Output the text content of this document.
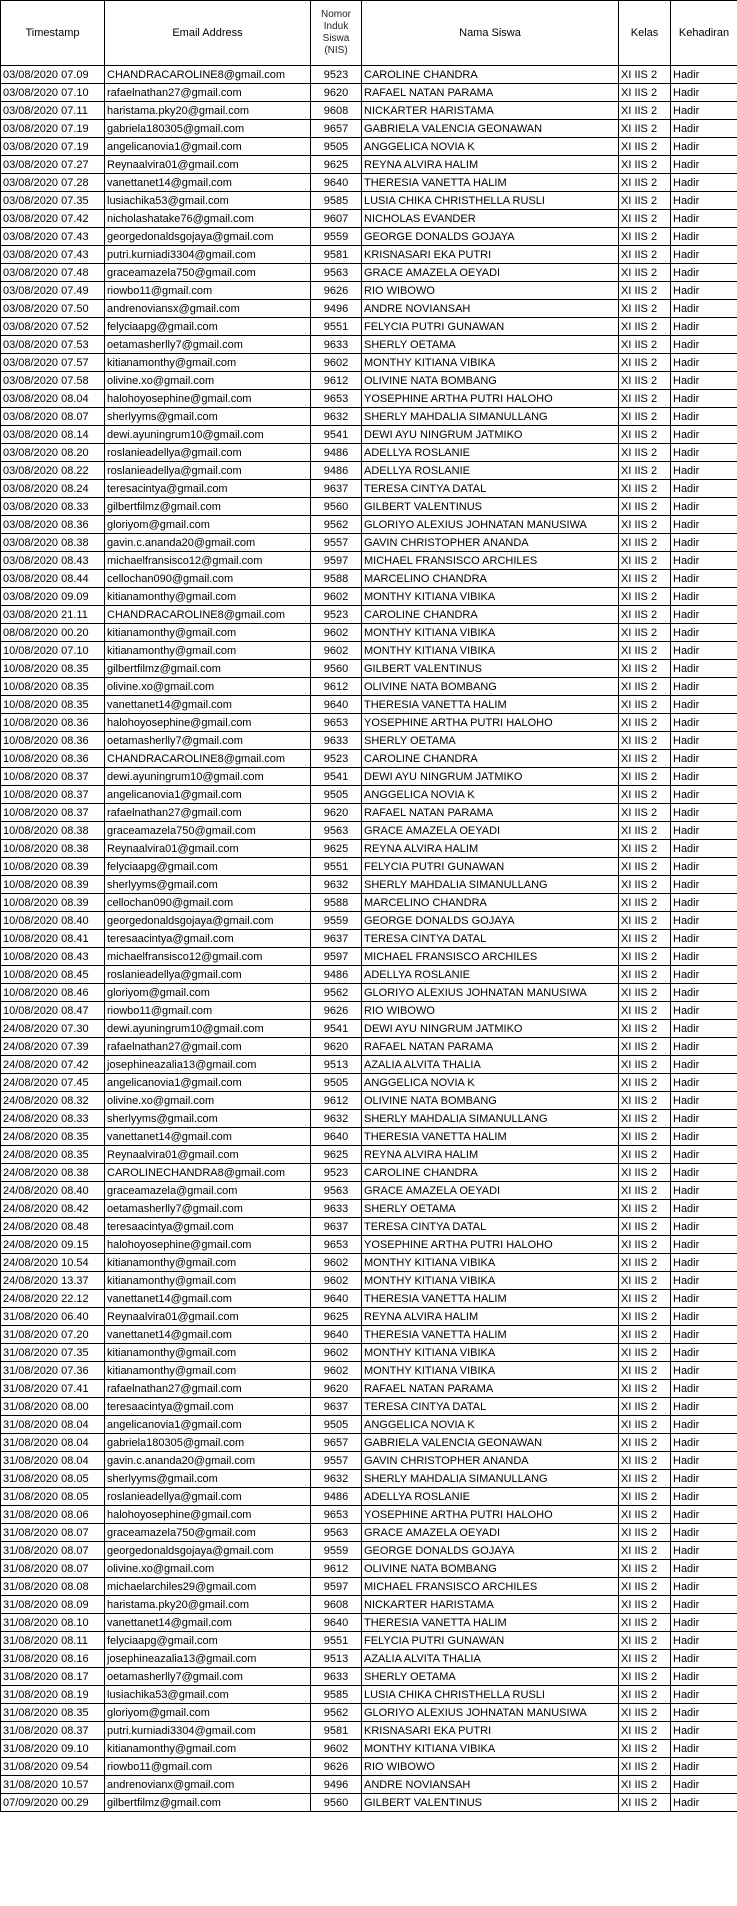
Timestamp	Email Address	Nomor Induk Siswa (NIS)	Nama Siswa	Kelas	Kehadiran
03/08/2020 07.09	CHANDRACAROLINE8@gmail.com	9523	CAROLINE CHANDRA	XI IIS 2	Hadir
03/08/2020 07.10	rafaelnathan27@gmail.com	9620	RAFAEL NATAN PARAMA	XI IIS 2	Hadir
03/08/2020 07.11	haristama.pky20@gmail.com	9608	NICKARTER HARISTAMA	XI IIS 2	Hadir
03/08/2020 07.19	gabriela180305@gmail.com	9657	GABRIELA VALENCIA GEONAWAN	XI IIS 2	Hadir
03/08/2020 07.19	angelicanovia1@gmail.com	9505	ANGGELICA NOVIA K	XI IIS 2	Hadir
03/08/2020 07.27	Reynaalvira01@gmail.com	9625	REYNA ALVIRA HALIM	XI IIS 2	Hadir
03/08/2020 07.28	vanettanet14@gmail.com	9640	THERESIA VANETTA HALIM	XI IIS 2	Hadir
03/08/2020 07.35	lusiachika53@gmail.com	9585	LUSIA CHIKA CHRISTHELLA RUSLI	XI IIS 2	Hadir
03/08/2020 07.42	nicholashatake76@gmail.com	9607	NICHOLAS EVANDER	XI IIS 2	Hadir
03/08/2020 07.43	georgedonaldsgojaya@gmail.com	9559	GEORGE DONALDS GOJAYA	XI IIS 2	Hadir
03/08/2020 07.43	putri.kurniadi3304@gmail.com	9581	KRISNASARI EKA PUTRI	XI IIS 2	Hadir
03/08/2020 07.48	graceamazela750@gmail.com	9563	GRACE AMAZELA OEYADI	XI IIS 2	Hadir
03/08/2020 07.49	riowbo11@gmail.com	9626	RIO WIBOWO	XI IIS 2	Hadir
03/08/2020 07.50	andrenoviansx@gmail.com	9496	ANDRE NOVIANSAH	XI IIS 2	Hadir
03/08/2020 07.52	felyciaapg@gmail.com	9551	FELYCIA PUTRI GUNAWAN	XI IIS 2	Hadir
03/08/2020 07.53	oetamasherlly7@gmail.com	9633	SHERLY OETAMA	XI IIS 2	Hadir
03/08/2020 07.57	kitianamonthy@gmail.com	9602	MONTHY KITIANA VIBIKA	XI IIS 2	Hadir
03/08/2020 07.58	olivine.xo@gmail.com	9612	OLIVINE NATA BOMBANG	XI IIS 2	Hadir
03/08/2020 08.04	halohoyosephine@gmail.com	9653	YOSEPHINE ARTHA PUTRI HALOHO	XI IIS 2	Hadir
03/08/2020 08.07	sherlyyms@gmail.com	9632	SHERLY MAHDALIA SIMANULLANG	XI IIS 2	Hadir
03/08/2020 08.14	dewi.ayuningrum10@gmail.com	9541	DEWI AYU NINGRUM JATMIKO	XI IIS 2	Hadir
03/08/2020 08.20	roslanieadellya@gmail.com	9486	ADELLYA ROSLANIE	XI IIS 2	Hadir
03/08/2020 08.22	roslanieadellya@gmail.com	9486	ADELLYA ROSLANIE	XI IIS 2	Hadir
03/08/2020 08.24	teresacintya@gmail.com	9637	TERESA CINTYA DATAL	XI IIS 2	Hadir
03/08/2020 08.33	gilbertfilmz@gmail.com	9560	GILBERT VALENTINUS	XI IIS 2	Hadir
03/08/2020 08.36	gloriyom@gmail.com	9562	GLORIYO ALEXIUS JOHNATAN MANUSIWA	XI IIS 2	Hadir
03/08/2020 08.38	gavin.c.ananda20@gmail.com	9557	GAVIN CHRISTOPHER ANANDA	XI IIS 2	Hadir
03/08/2020 08.43	michaelfransisco12@gmail.com	9597	MICHAEL FRANSISCO ARCHILES	XI IIS 2	Hadir
03/08/2020 08.44	cellochan090@gmail.com	9588	MARCELINO CHANDRA	XI IIS 2	Hadir
03/08/2020 09.09	kitianamonthy@gmail.com	9602	MONTHY KITIANA VIBIKA	XI IIS 2	Hadir
03/08/2020 21.11	CHANDRACAROLINE8@gmail.com	9523	CAROLINE CHANDRA	XI IIS 2	Hadir
08/08/2020 00.20	kitianamonthy@gmail.com	9602	MONTHY KITIANA VIBIKA	XI IIS 2	Hadir
10/08/2020 07.10	kitianamonthy@gmail.com	9602	MONTHY KITIANA VIBIKA	XI IIS 2	Hadir
10/08/2020 08.35	gilbertfilmz@gmail.com	9560	GILBERT VALENTINUS	XI IIS 2	Hadir
10/08/2020 08.35	olivine.xo@gmail.com	9612	OLIVINE NATA BOMBANG	XI IIS 2	Hadir
10/08/2020 08.35	vanettanet14@gmail.com	9640	THERESIA VANETTA HALIM	XI IIS 2	Hadir
10/08/2020 08.36	halohoyosephine@gmail.com	9653	YOSEPHINE ARTHA PUTRI HALOHO	XI IIS 2	Hadir
10/08/2020 08.36	oetamasherlly7@gmail.com	9633	SHERLY OETAMA	XI IIS 2	Hadir
10/08/2020 08.36	CHANDRACAROLINE8@gmail.com	9523	CAROLINE CHANDRA	XI IIS 2	Hadir
10/08/2020 08.37	dewi.ayuningrum10@gmail.com	9541	DEWI AYU NINGRUM JATMIKO	XI IIS 2	Hadir
10/08/2020 08.37	angelicanovia1@gmail.com	9505	ANGGELICA NOVIA K	XI IIS 2	Hadir
10/08/2020 08.37	rafaelnathan27@gmail.com	9620	RAFAEL NATAN PARAMA	XI IIS 2	Hadir
10/08/2020 08.38	graceamazela750@gmail.com	9563	GRACE AMAZELA OEYADI	XI IIS 2	Hadir
10/08/2020 08.38	Reynaalvira01@gmail.com	9625	REYNA ALVIRA HALIM	XI IIS 2	Hadir
10/08/2020 08.39	felyciaapg@gmail.com	9551	FELYCIA PUTRI GUNAWAN	XI IIS 2	Hadir
10/08/2020 08.39	sherlyyms@gmail.com	9632	SHERLY MAHDALIA SIMANULLANG	XI IIS 2	Hadir
10/08/2020 08.39	cellochan090@gmail.com	9588	MARCELINO CHANDRA	XI IIS 2	Hadir
10/08/2020 08.40	georgedonaldsgojaya@gmail.com	9559	GEORGE DONALDS GOJAYA	XI IIS 2	Hadir
10/08/2020 08.41	teresaacintya@gmail.com	9637	TERESA CINTYA DATAL	XI IIS 2	Hadir
10/08/2020 08.43	michaelfransisco12@gmail.com	9597	MICHAEL FRANSISCO ARCHILES	XI IIS 2	Hadir
10/08/2020 08.45	roslanieadellya@gmail.com	9486	ADELLYA ROSLANIE	XI IIS 2	Hadir
10/08/2020 08.46	gloriyom@gmail.com	9562	GLORIYO ALEXIUS JOHNATAN MANUSIWA	XI IIS 2	Hadir
10/08/2020 08.47	riowbo11@gmail.com	9626	RIO WIBOWO	XI IIS 2	Hadir
24/08/2020 07.30	dewi.ayuningrum10@gmail.com	9541	DEWI AYU NINGRUM JATMIKO	XI IIS 2	Hadir
24/08/2020 07.39	rafaelnathan27@gmail.com	9620	RAFAEL NATAN PARAMA	XI IIS 2	Hadir
24/08/2020 07.42	josephineazalia13@gmail.com	9513	AZALIA ALVITA THALIA	XI IIS 2	Hadir
24/08/2020 07.45	angelicanovia1@gmail.com	9505	ANGGELICA NOVIA K	XI IIS 2	Hadir
24/08/2020 08.32	olivine.xo@gmail.com	9612	OLIVINE NATA BOMBANG	XI IIS 2	Hadir
24/08/2020 08.33	sherlyyms@gmail.com	9632	SHERLY MAHDALIA SIMANULLANG	XI IIS 2	Hadir
24/08/2020 08.35	vanettanet14@gmail.com	9640	THERESIA VANETTA HALIM	XI IIS 2	Hadir
24/08/2020 08.35	Reynaalvira01@gmail.com	9625	REYNA ALVIRA HALIM	XI IIS 2	Hadir
24/08/2020 08.38	CAROLINECHANDRA8@gmail.com	9523	CAROLINE CHANDRA	XI IIS 2	Hadir
24/08/2020 08.40	graceamazela@gmail.com	9563	GRACE AMAZELA OEYADI	XI IIS 2	Hadir
24/08/2020 08.42	oetamasherlly7@gmail.com	9633	SHERLY OETAMA	XI IIS 2	Hadir
24/08/2020 08.48	teresaacintya@gmail.com	9637	TERESA CINTYA DATAL	XI IIS 2	Hadir
24/08/2020 09.15	halohoyosephine@gmail.com	9653	YOSEPHINE ARTHA PUTRI HALOHO	XI IIS 2	Hadir
24/08/2020 10.54	kitianamonthy@gmail.com	9602	MONTHY KITIANA VIBIKA	XI IIS 2	Hadir
24/08/2020 13.37	kitianamonthy@gmail.com	9602	MONTHY KITIANA VIBIKA	XI IIS 2	Hadir
24/08/2020 22.12	vanettanet14@gmail.com	9640	THERESIA VANETTA HALIM	XI IIS 2	Hadir
31/08/2020 06.40	Reynaalvira01@gmail.com	9625	REYNA ALVIRA HALIM	XI IIS 2	Hadir
31/08/2020 07.20	vanettanet14@gmail.com	9640	THERESIA VANETTA HALIM	XI IIS 2	Hadir
31/08/2020 07.35	kitianamonthy@gmail.com	9602	MONTHY KITIANA VIBIKA	XI IIS 2	Hadir
31/08/2020 07.36	kitianamonthy@gmail.com	9602	MONTHY KITIANA VIBIKA	XI IIS 2	Hadir
31/08/2020 07.41	rafaelnathan27@gmail.com	9620	RAFAEL NATAN PARAMA	XI IIS 2	Hadir
31/08/2020 08.00	teresaacintya@gmail.com	9637	TERESA CINTYA DATAL	XI IIS 2	Hadir
31/08/2020 08.04	angelicanovia1@gmail.com	9505	ANGGELICA NOVIA K	XI IIS 2	Hadir
31/08/2020 08.04	gabriela180305@gmail.com	9657	GABRIELA VALENCIA GEONAWAN	XI IIS 2	Hadir
31/08/2020 08.04	gavin.c.ananda20@gmail.com	9557	GAVIN CHRISTOPHER ANANDA	XI IIS 2	Hadir
31/08/2020 08.05	sherlyyms@gmail.com	9632	SHERLY MAHDALIA SIMANULLANG	XI IIS 2	Hadir
31/08/2020 08.05	roslanieadellya@gmail.com	9486	ADELLYA ROSLANIE	XI IIS 2	Hadir
31/08/2020 08.06	halohoyosephine@gmail.com	9653	YOSEPHINE ARTHA PUTRI HALOHO	XI IIS 2	Hadir
31/08/2020 08.07	graceamazela750@gmail.com	9563	GRACE AMAZELA OEYADI	XI IIS 2	Hadir
31/08/2020 08.07	georgedonaldsgojaya@gmail.com	9559	GEORGE DONALDS GOJAYA	XI IIS 2	Hadir
31/08/2020 08.07	olivine.xo@gmail.com	9612	OLIVINE NATA BOMBANG	XI IIS 2	Hadir
31/08/2020 08.08	michaelarchiles29@gmail.com	9597	MICHAEL FRANSISCO ARCHILES	XI IIS 2	Hadir
31/08/2020 08.09	haristama.pky20@gmail.com	9608	NICKARTER HARISTAMA	XI IIS 2	Hadir
31/08/2020 08.10	vanettanet14@gmail.com	9640	THERESIA VANETTA HALIM	XI IIS 2	Hadir
31/08/2020 08.11	felyciaapg@gmail.com	9551	FELYCIA PUTRI GUNAWAN	XI IIS 2	Hadir
31/08/2020 08.16	josephineazalia13@gmail.com	9513	AZALIA ALVITA THALIA	XI IIS 2	Hadir
31/08/2020 08.17	oetamasherlly7@gmail.com	9633	SHERLY OETAMA	XI IIS 2	Hadir
31/08/2020 08.19	lusiachika53@gmail.com	9585	LUSIA CHIKA CHRISTHELLA RUSLI	XI IIS 2	Hadir
31/08/2020 08.35	gloriyom@gmail.com	9562	GLORIYO ALEXIUS JOHNATAN MANUSIWA	XI IIS 2	Hadir
31/08/2020 08.37	putri.kurniadi3304@gmail.com	9581	KRISNASARI EKA PUTRI	XI IIS 2	Hadir
31/08/2020 09.10	kitianamonthy@gmail.com	9602	MONTHY KITIANA VIBIKA	XI IIS 2	Hadir
31/08/2020 09.54	riowbo11@gmail.com	9626	RIO WIBOWO	XI IIS 2	Hadir
31/08/2020 10.57	andrenovianx@gmail.com	9496	ANDRE NOVIANSAH	XI IIS 2	Hadir
07/09/2020 00.29	gilbertfilmz@gmail.com	9560	GILBERT VALENTINUS	XI IIS 2	Hadir
